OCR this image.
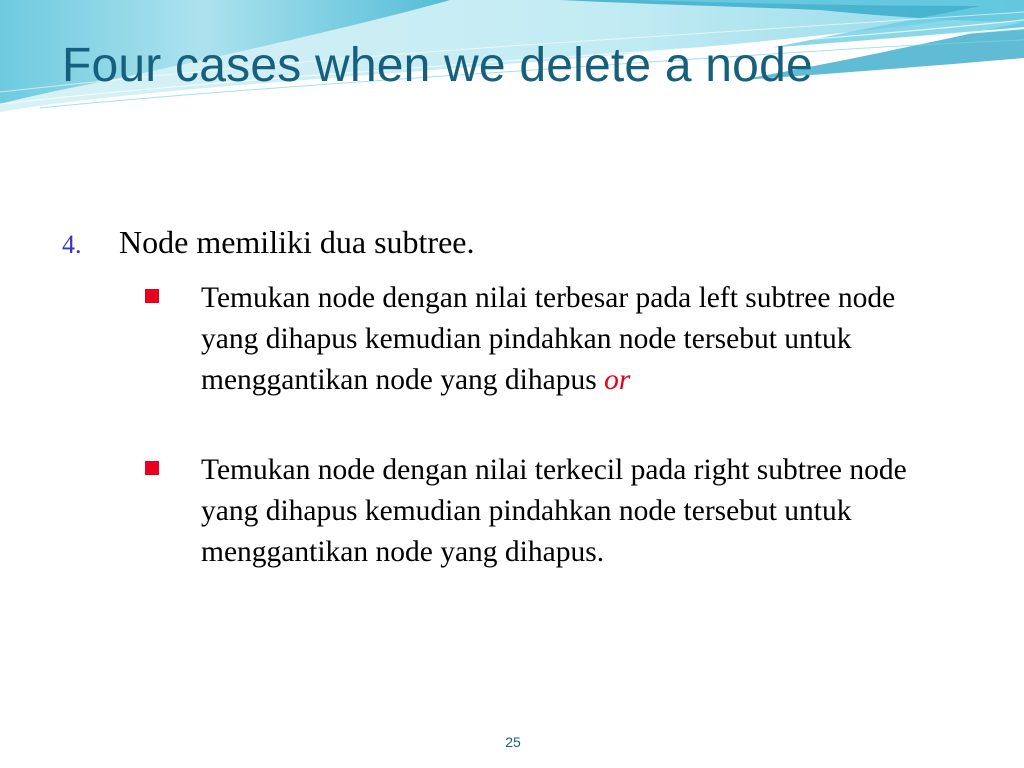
Four cases when we delete a node
4.	Node memiliki dua subtree.
Temukan node dengan nilai terbesar pada left subtree node yang dihapus kemudian pindahkan node tersebut untuk menggantikan node yang dihapus or
Temukan node dengan nilai terkecil pada right subtree node yang dihapus kemudian pindahkan node tersebut untuk menggantikan node yang dihapus.
25
